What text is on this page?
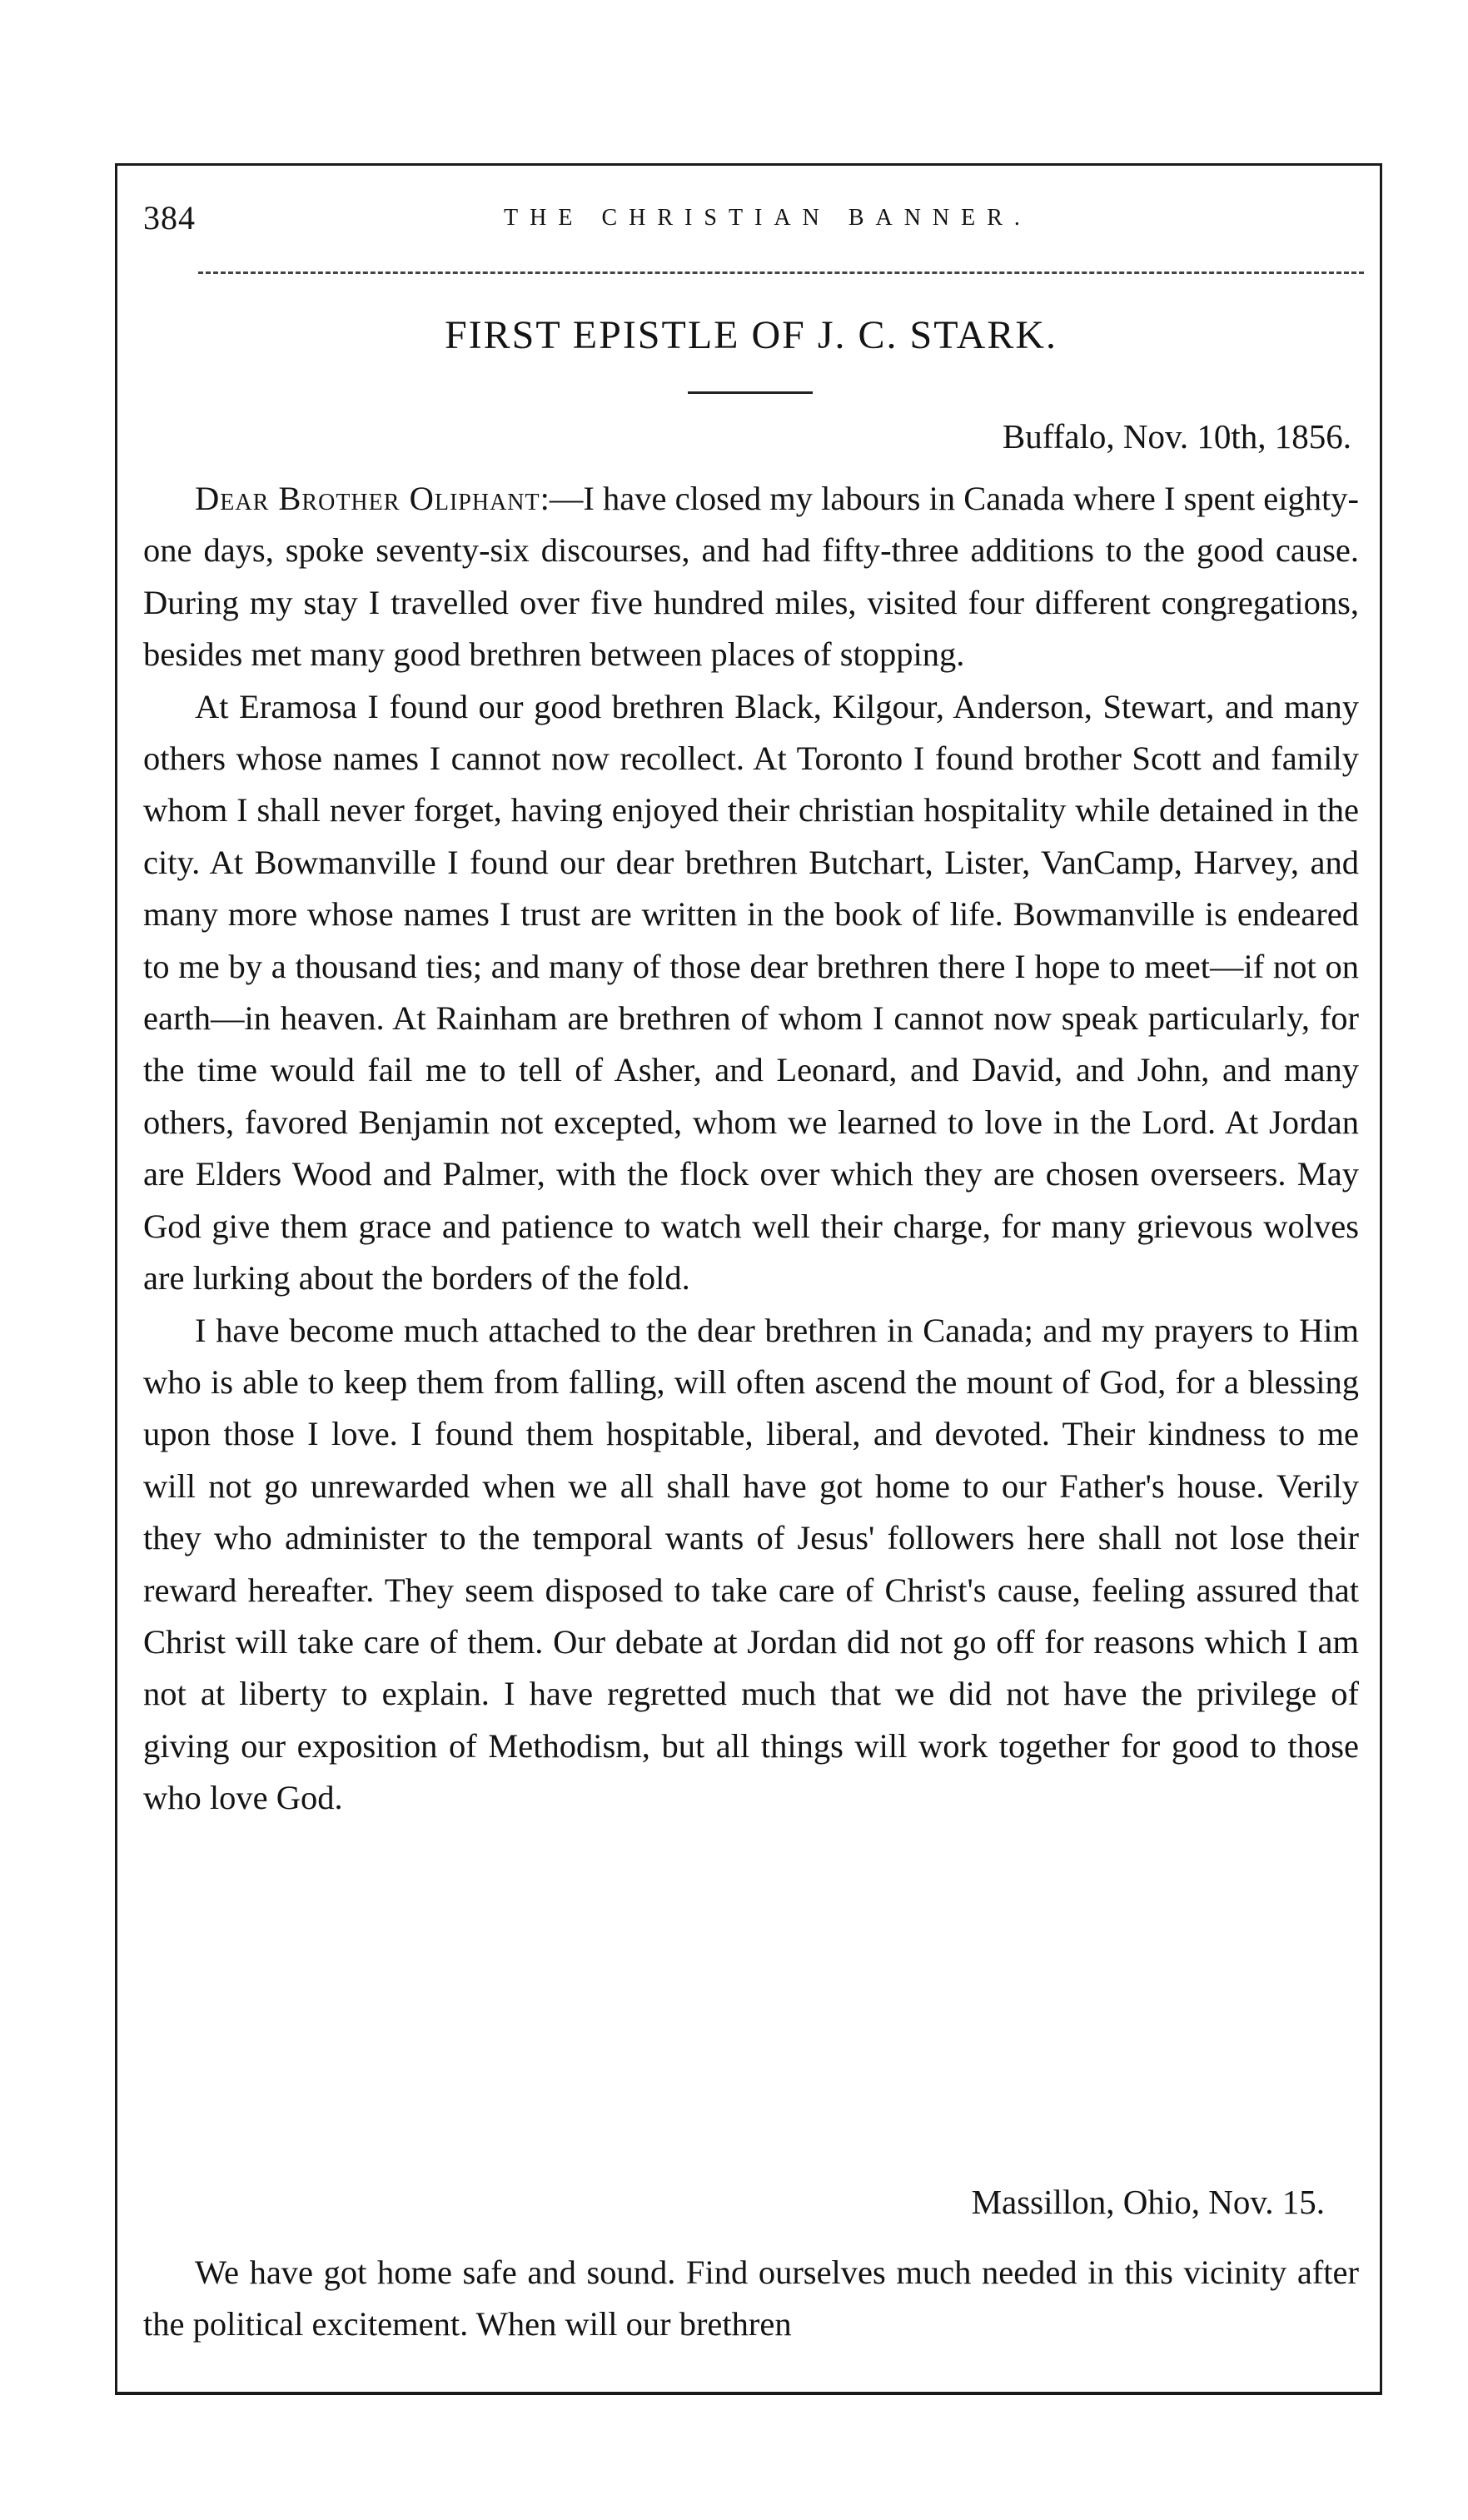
384	THE CHRISTIAN BANNER.
FIRST EPISTLE OF J. C. STARK.
Buffalo, Nov. 10th, 1856.

Dear Brother Oliphant:—I have closed my labours in Canada where I spent eighty-one days, spoke seventy-six discourses, and had fifty-three additions to the good cause. During my stay I travelled over five hundred miles, visited four different congregations, besides met many good brethren between places of stopping.

At Eramosa I found our good brethren Black, Kilgour, Anderson, Stewart, and many others whose names I cannot now recollect. At Toronto I found brother Scott and family whom I shall never forget, having enjoyed their christian hospitality while detained in the city. At Bowmanville I found our dear brethren Butchart, Lister, VanCamp, Harvey, and many more whose names I trust are written in the book of life. Bowmanville is endeared to me by a thousand ties; and many of those dear brethren there I hope to meet—if not on earth—in heaven. At Rainham are brethren of whom I cannot now speak particularly, for the time would fail me to tell of Asher, and Leonard, and David, and John, and many others, favored Benjamin not excepted, whom we learned to love in the Lord. At Jordan are Elders Wood and Palmer, with the flock over which they are chosen overseers. May God give them grace and patience to watch well their charge, for many grievous wolves are lurking about the borders of the fold.

I have become much attached to the dear brethren in Canada; and my prayers to Him who is able to keep them from falling, will often ascend the mount of God, for a blessing upon those I love. I found them hospitable, liberal, and devoted. Their kindness to me will not go unrewarded when we all shall have got home to our Father's house. Verily they who administer to the temporal wants of Jesus' followers here shall not lose their reward hereafter. They seem disposed to take care of Christ's cause, feeling assured that Christ will take care of them. Our debate at Jordan did not go off for reasons which I am not at liberty to explain. I have regretted much that we did not have the privilege of giving our exposition of Methodism, but all things will work together for good to those who love God.

Massillon, Ohio, Nov. 15.

We have got home safe and sound. Find ourselves much needed in this vicinity after the political excitement. When will our brethren
